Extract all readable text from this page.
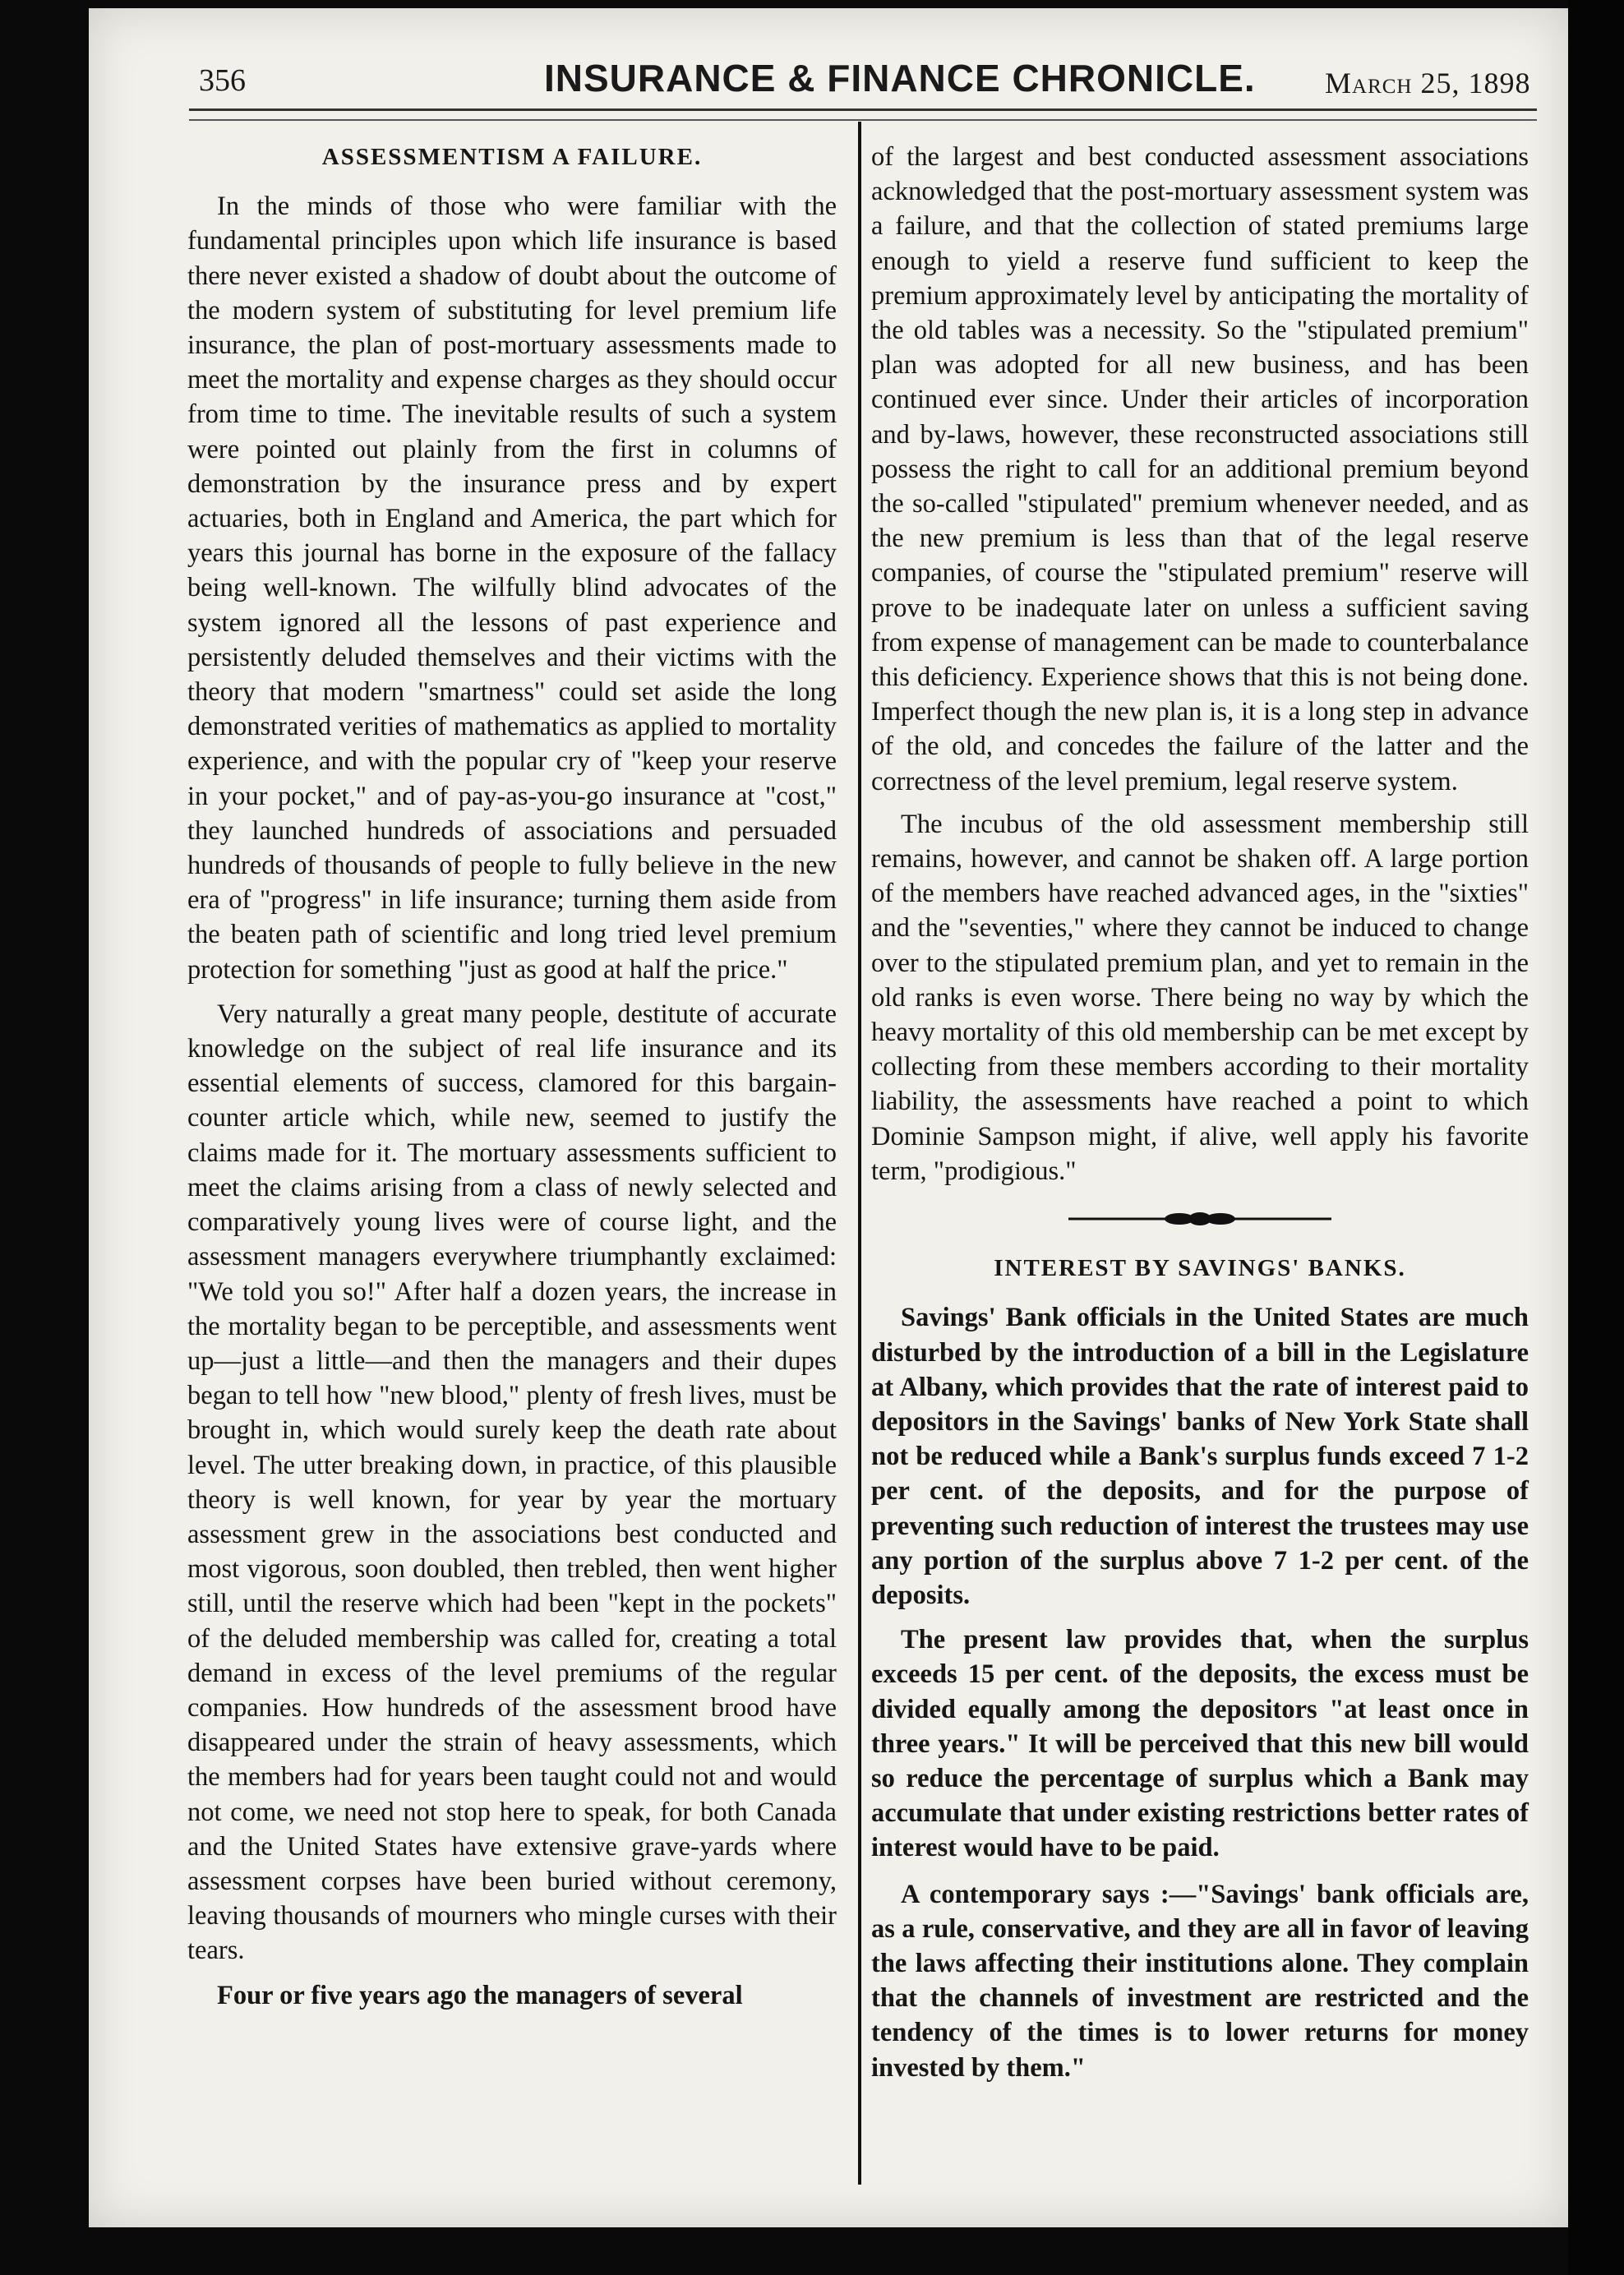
356	INSURANCE & FINANCE CHRONICLE. March 25, 1898
ASSESSMENTISM A FAILURE.

In the minds of those who were familiar with the fundamental principles upon which life insurance is based there never existed a shadow of doubt about the outcome of the modern system of substituting for level premium life insurance, the plan of post-mortuary assessments made to meet the mortality and expense charges as they should occur from time to time. The inevitable results of such a system were pointed out plainly from the first in columns of demonstration by the insurance press and by expert actuaries, both in England and America, the part which for years this journal has borne in the exposure of the fallacy being well-known. The wilfully blind advocates of the system ignored all the lessons of past experience and persistently deluded themselves and their victims with the theory that modern "smartness" could set aside the long demonstrated verities of mathematics as applied to mortality experience, and with the popular cry of "keep your reserve in your pocket," and of pay-as-you-go insurance at "cost," they launched hundreds of associations and persuaded hundreds of thousands of people to fully believe in the new era of "progress" in life insurance; turning them aside from the beaten path of scientific and long tried level premium protection for something "just as good at half the price."

Very naturally a great many people, destitute of accurate knowledge on the subject of real life insurance and its essential elements of success, clamored for this bargain-counter article which, while new, seemed to justify the claims made for it. The mortuary assessments sufficient to meet the claims arising from a class of newly selected and comparatively young lives were of course light, and the assessment managers everywhere triumphantly exclaimed: "We told you so!" After half a dozen years, the increase in the mortality began to be perceptible, and assessments went up—just a little—and then the managers and their dupes began to tell how "new blood," plenty of fresh lives, must be brought in, which would surely keep the death rate about level. The utter breaking down, in practice, of this plausible theory is well known, for year by year the mortuary assessment grew in the associations best conducted and most vigorous, soon doubled, then trebled, then went higher still, until the reserve which had been "kept in the pockets" of the deluded membership was called for, creating a total demand in excess of the level premiums of the regular companies. How hundreds of the assessment brood have disappeared under the strain of heavy assessments, which the members had for years been taught could not and would not come, we need not stop here to speak, for both Canada and the United States have extensive grave-yards where assessment corpses have been buried without ceremony, leaving thousands of mourners who mingle curses with their tears.

Four or five years ago the managers of several

of the largest and best conducted assessment associations acknowledged that the post-mortuary assessment system was a failure, and that the collection of stated premiums large enough to yield a reserve fund sufficient to keep the premium approximately level by anticipating the mortality of the old tables was a necessity. So the "stipulated premium" plan was adopted for all new business, and has been continued ever since. Under their articles of incorporation and by-laws, however, these reconstructed associations still possess the right to call for an additional premium beyond the so-called "stipulated" premium whenever needed, and as the new premium is less than that of the legal reserve companies, of course the "stipulated premium" reserve will prove to be inadequate later on unless a sufficient saving from expense of management can be made to counterbalance this deficiency. Experience shows that this is not being done. Imperfect though the new plan is, it is a long step in advance of the old, and concedes the failure of the latter and the correctness of the level premium, legal reserve system.

The incubus of the old assessment membership still remains, however, and cannot be shaken off. A large portion of the members have reached advanced ages, in the "sixties" and the "seventies," where they cannot be induced to change over to the stipulated premium plan, and yet to remain in the old ranks is even worse. There being no way by which the heavy mortality of this old membership can be met except by collecting from these members according to their mortality liability, the assessments have reached a point to which Dominie Sampson might, if alive, well apply his favorite term, "prodigious."

INTEREST BY SAVINGS' BANKS.

Savings' Bank officials in the United States are much disturbed by the introduction of a bill in the Legislature at Albany, which provides that the rate of interest paid to depositors in the Savings' banks of New York State shall not be reduced while a Bank's surplus funds exceed 7 1-2 per cent. of the deposits, and for the purpose of preventing such reduction of interest the trustees may use any portion of the surplus above 7 1-2 per cent. of the deposits.

The present law provides that, when the surplus exceeds 15 per cent. of the deposits, the excess must be divided equally among the depositors "at least once in three years." It will be perceived that this new bill would so reduce the percentage of surplus which a Bank may accumulate that under existing restrictions better rates of interest would have to be paid.

A contemporary says :—"Savings' bank officials are, as a rule, conservative, and they are all in favor of leaving the laws affecting their institutions alone. They complain that the channels of investment are restricted and the tendency of the times is to lower returns for money invested by them."
